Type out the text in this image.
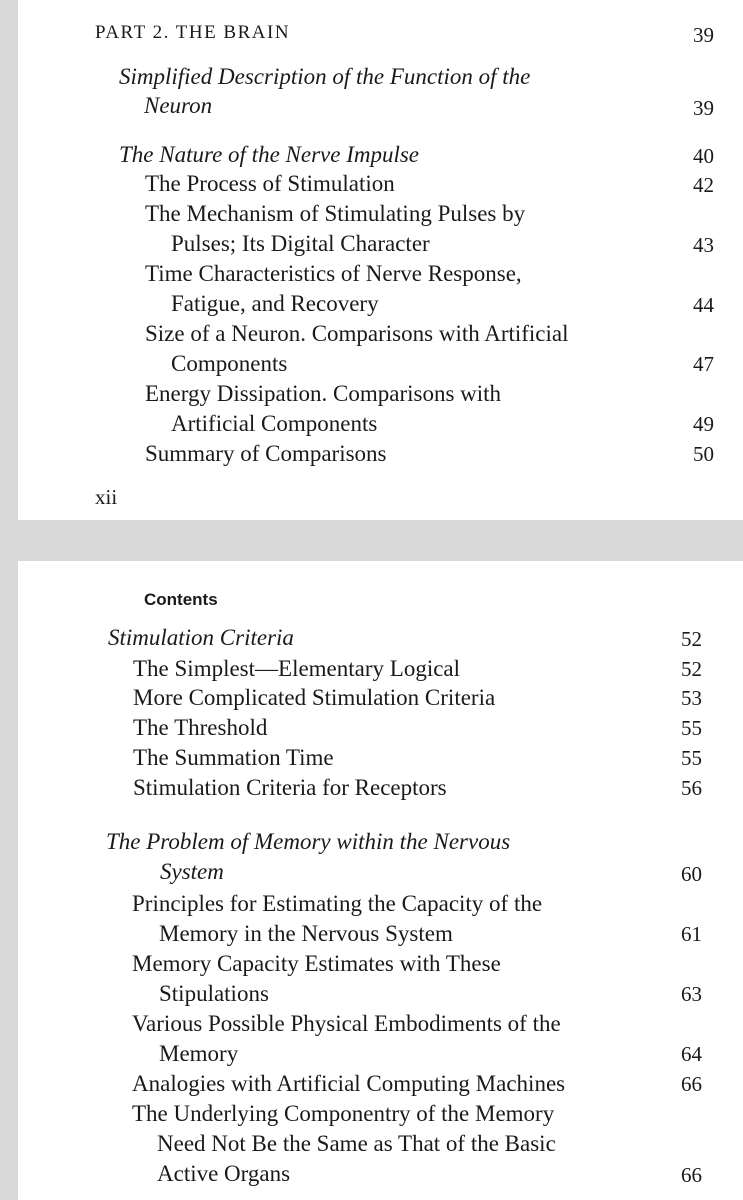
PART 2. THE BRAIN	39
Simplified Description of the Function of the
Neuron	39
The Nature of the Nerve Impulse	40
The Process of Stimulation	42
The Mechanism of Stimulating Pulses by
Pulses; Its Digital Character	43
Time Characteristics of Nerve Response,
Fatigue, and Recovery	44
Size of a Neuron. Comparisons with Artificial
Components	47
Energy Dissipation. Comparisons with
Artificial Components	49
Summary of Comparisons	50
xii
Contents
Stimulation Criteria	52
The Simplest—Elementary Logical	52
More Complicated Stimulation Criteria	53
The Threshold	55
The Summation Time	55
Stimulation Criteria for Receptors	56
The Problem of Memory within the Nervous
System	60
Principles for Estimating the Capacity of the
Memory in the Nervous System	61
Memory Capacity Estimates with These
Stipulations	63
Various Possible Physical Embodiments of the
Memory	64
Analogies with Artificial Computing Machines	66
The Underlying Componentry of the Memory
Need Not Be the Same as That of the Basic
Active Organs	66
